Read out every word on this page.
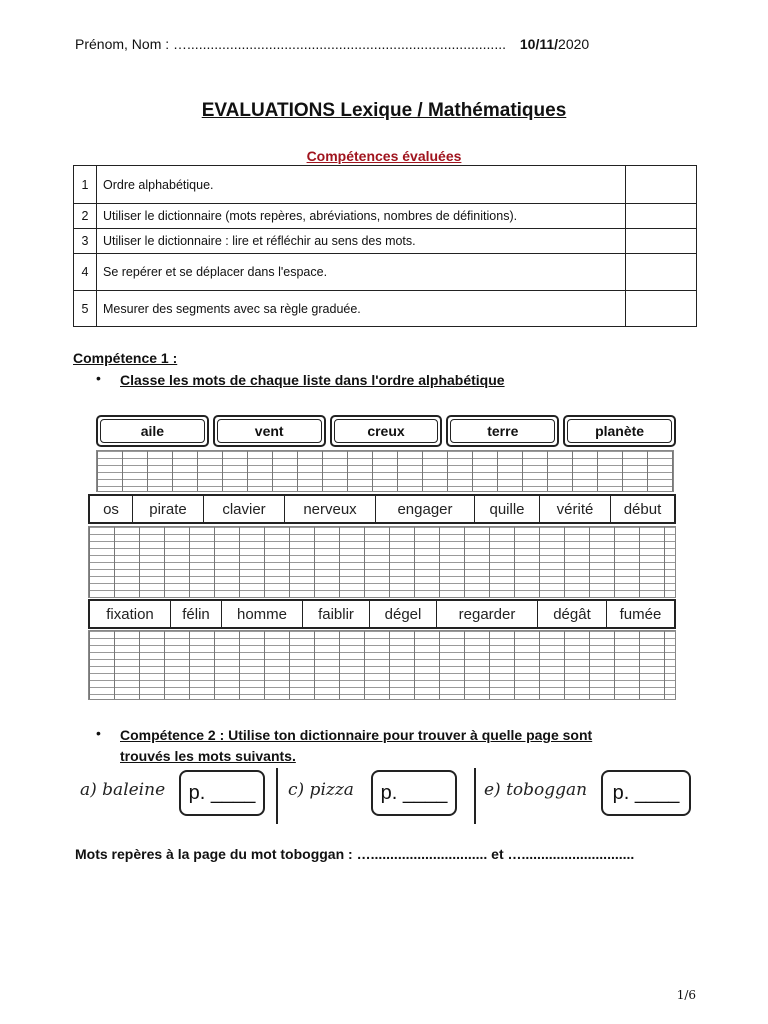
Prénom, Nom : ….................................................................................. 10/11/2020
EVALUATIONS Lexique / Mathématiques
Compétences évaluées
1	Ordre alphabétique.	
2	Utiliser le dictionnaire (mots repères, abréviations, nombres de définitions).	
3	Utiliser le dictionnaire : lire et réfléchir au sens des mots.	
4	Se repérer et se déplacer dans l'espace.	
5	Mesurer des segments avec sa règle graduée.	
Compétence 1 :
• Classe les mots de chaque liste dans l'ordre alphabétique
aile	vent	creux	terre	planète
os	pirate	clavier	nerveux	engager	quille	vérité	début
fixation	félin	homme	faiblir	dégel	regarder	dégât	fumée
• Compétence 2 : Utilise ton dictionnaire pour trouver à quelle page sont
trouvés les mots suivants.
a) baleine	p. ____	c) pizza	p. ____	e) toboggan	p. ____
Mots repères à la page du mot toboggan : ….............................. et ….............................
1/6
